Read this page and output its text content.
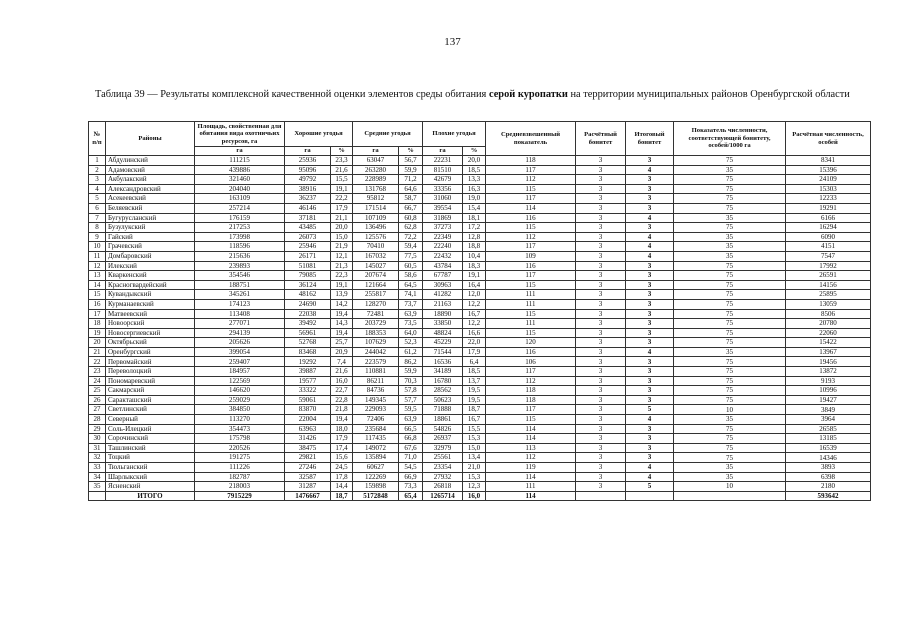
137
Таблица 39 — Результаты комплексной качественной оценки элементов среды обитания серой куропатки на территории муниципальных районов Оренбургской области
№ п/п	Районы	Площадь, свойственная для обитания вида охотничьих ресурсов, га	Хорошие угодья		Средние угодья		Плохие угодья		Средневзвешенный показатель	Расчётный бонитет	Итоговый бонитет	Показатель численности, соответствующей бонитету, особей/1000 га	Расчётная численность, особей
		га	га	%	га	%	га	%					
1	Абдулинский	111215	25936	23,3	63047	56,7	22231	20,0	118	3	3	75	8341
2	Адамовский	439886	95096	21,6	263280	59,9	81510	18,5	117	3	4	35	15396
3	Акбулакский	321460	49792	15,5	228989	71,2	42679	13,3	112	3	3	75	24109
4	Александровский	204040	38916	19,1	131768	64,6	33356	16,3	115	3	3	75	15303
5	Асекеевский	163109	36237	22,2	95812	58,7	31060	19,0	117	3	3	75	12233
6	Беляевский	257214	46146	17,9	171514	66,7	39554	15,4	114	3	3	75	19291
7	Бугурусланский	176159	37181	21,1	107109	60,8	31869	18,1	116	3	4	35	6166
8	Бузулукский	217253	43485	20,0	136496	62,8	37273	17,2	115	3	3	75	16294
9	Гайский	173998	26073	15,0	125576	72,2	22349	12,8	112	3	4	35	6090
10	Грачевский	118596	25946	21,9	70410	59,4	22240	18,8	117	3	4	35	4151
11	Домбаровский	215636	26171	12,1	167032	77,5	22432	10,4	109	3	4	35	7547
12	Илекский	239893	51081	21,3	145027	60,5	43784	18,3	116	3	3	75	17992
13	Кваркенский	354546	79085	22,3	207674	58,6	67787	19,1	117	3	3	75	26591
14	Красногвардейский	188751	36124	19,1	121664	64,5	30963	16,4	115	3	3	75	14156
15	Кувандыкский	345261	48162	13,9	255817	74,1	41282	12,0	111	3	3	75	25895
16	Курманаевский	174123	24690	14,2	128270	73,7	21163	12,2	111	3	3	75	13059
17	Матвеевский	113408	22038	19,4	72481	63,9	18890	16,7	115	3	3	75	8506
18	Новоорский	277071	39492	14,3	203729	73,5	33850	12,2	111	3	3	75	20780
19	Новосергиевский	294139	56961	19,4	188353	64,0	48824	16,6	115	3	3	75	22060
20	Октябрьский	205626	52768	25,7	107629	52,3	45229	22,0	120	3	3	75	15422
21	Оренбургский	399054	83468	20,9	244042	61,2	71544	17,9	116	3	4	35	13967
22	Первомайский	259407	19292	7,4	223579	86,2	16536	6,4	106	3	3	75	19456
23	Переволоцкий	184957	39887	21,6	110881	59,9	34189	18,5	117	3	3	75	13872
24	Пономаревский	122569	19577	16,0	86211	70,3	16780	13,7	112	3	3	75	9193
25	Сакмарский	146620	33322	22,7	84736	57,8	28562	19,5	118	3	3	75	10996
26	Саракташский	259029	59061	22,8	149345	57,7	50623	19,5	118	3	3	75	19427
27	Светлинский	384850	83870	21,8	229093	59,5	71888	18,7	117	3	5	10	3849
28	Северный	113270	22004	19,4	72406	63,9	18861	16,7	115	3	4	35	3964
29	Соль-Илецкий	354473	63963	18,0	235684	66,5	54826	15,5	114	3	3	75	26585
30	Сорочинский	175798	31426	17,9	117435	66,8	26937	15,3	114	3	3	75	13185
31	Ташлинский	220526	38475	17,4	149072	67,6	32979	15,0	113	3	3	75	16539
32	Тоцкий	191275	29821	15,6	135894	71,0	25561	13,4	112	3	3	75	14346
33	Тюльганский	111226	27246	24,5	60627	54,5	23354	21,0	119	3	4	35	3893
34	Шарлыкский	182787	32587	17,8	122269	66,9	27932	15,3	114	3	4	35	6398
35	Ясненский	218003	31287	14,4	159898	73,3	26818	12,3	111	3	5	10	2180
	ИТОГО	7915229	1476667	18,7	5172848	65,4	1265714	16,0	114				593642
